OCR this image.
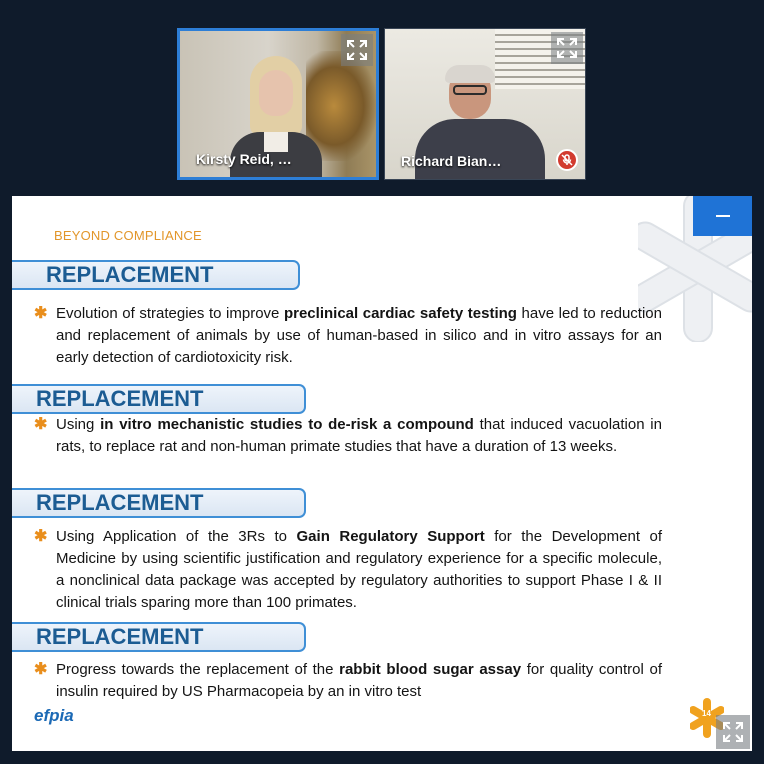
Kirsty Reid, …	Richard Bian…
BEYOND COMPLIANCE
REPLACEMENT
✱ Evolution of strategies to improve preclinical cardiac safety testing have led to reduction and replacement of animals by use of human-based in silico and in vitro assays for an early detection of cardiotoxicity risk.
REPLACEMENT
✱ Using in vitro mechanistic studies to de-risk a compound that induced vacuolation in rats, to replace rat and non-human primate studies that have a duration of 13 weeks.
REPLACEMENT
✱ Using Application of the 3Rs to Gain Regulatory Support for the Development of Medicine by using scientific justification and regulatory experience for a specific molecule, a nonclinical data package was accepted by regulatory authorities to support Phase I & II clinical trials sparing more than 100 primates.
REPLACEMENT
✱ Progress towards the replacement of the rabbit blood sugar assay for quality control of insulin required by US Pharmacopeia by an in vitro test
efpia	14
